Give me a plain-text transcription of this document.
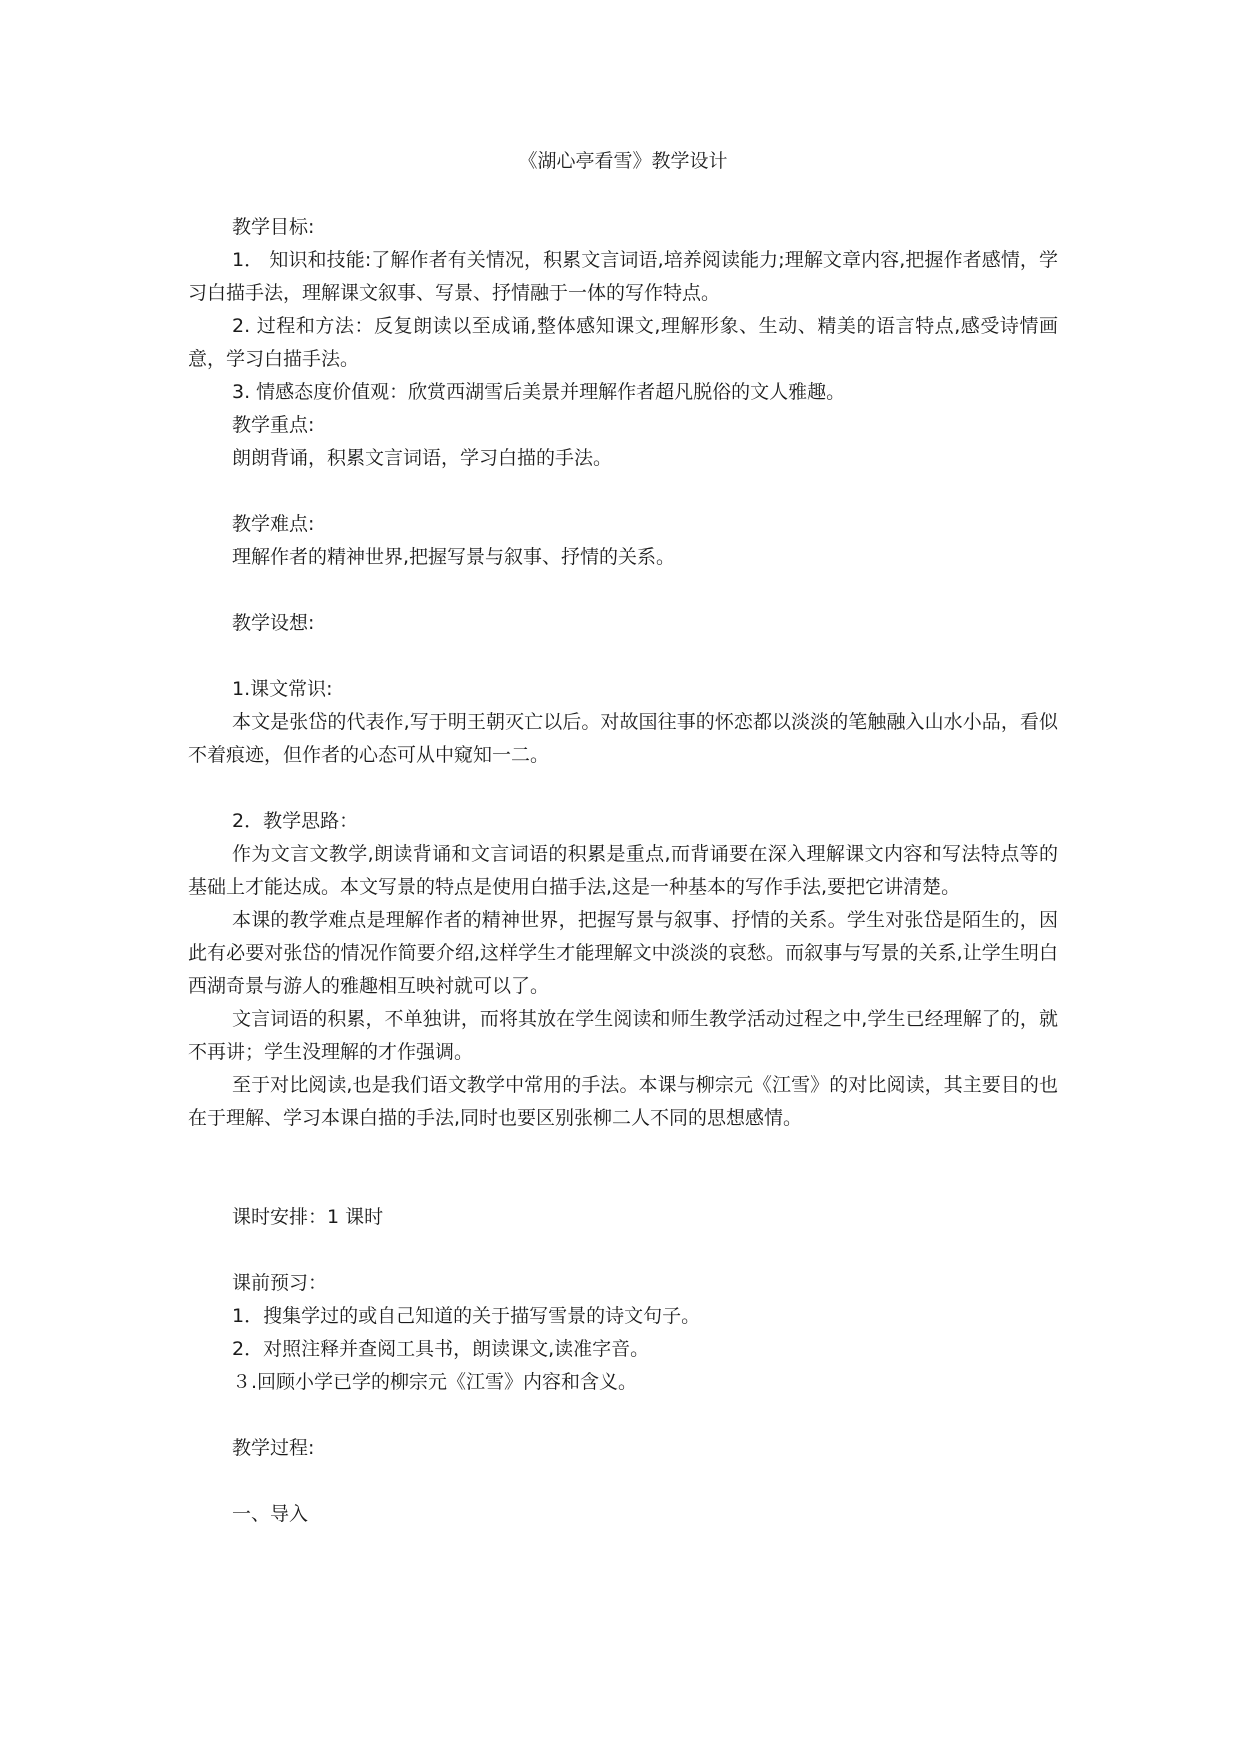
《湖心亭看雪》教学设计

教学目标:

1． 知识和技能:了解作者有关情况，积累文言词语,培养阅读能力;理解文章内容,把握作者感情，学习白描手法，理解课文叙事、写景、抒情融于一体的写作特点。

2. 过程和方法：反复朗读以至成诵,整体感知课文,理解形象、生动、精美的语言特点,感受诗情画意，学习白描手法。

3. 情感态度价值观：欣赏西湖雪后美景并理解作者超凡脱俗的文人雅趣。

教学重点:

朗朗背诵，积累文言词语，学习白描的手法。

教学难点:

理解作者的精神世界,把握写景与叙事、抒情的关系。

教学设想:

1.课文常识:

本文是张岱的代表作,写于明王朝灭亡以后。对故国往事的怀恋都以淡淡的笔触融入山水小品，看似不着痕迹，但作者的心态可从中窥知一二。

2．教学思路：

作为文言文教学,朗读背诵和文言词语的积累是重点,而背诵要在深入理解课文内容和写法特点等的基础上才能达成。本文写景的特点是使用白描手法,这是一种基本的写作手法,要把它讲清楚。

本课的教学难点是理解作者的精神世界，把握写景与叙事、抒情的关系。学生对张岱是陌生的，因此有必要对张岱的情况作简要介绍,这样学生才能理解文中淡淡的哀愁。而叙事与写景的关系,让学生明白西湖奇景与游人的雅趣相互映衬就可以了。

文言词语的积累，不单独讲，而将其放在学生阅读和师生教学活动过程之中,学生已经理解了的，就不再讲；学生没理解的才作强调。

至于对比阅读,也是我们语文教学中常用的手法。本课与柳宗元《江雪》的对比阅读，其主要目的也在于理解、学习本课白描的手法,同时也要区别张柳二人不同的思想感情。

课时安排：1 课时

课前预习：

1．搜集学过的或自己知道的关于描写雪景的诗文句子。

2．对照注释并查阅工具书，朗读课文,读准字音。

３.回顾小学已学的柳宗元《江雪》内容和含义。

教学过程:

一、导入
